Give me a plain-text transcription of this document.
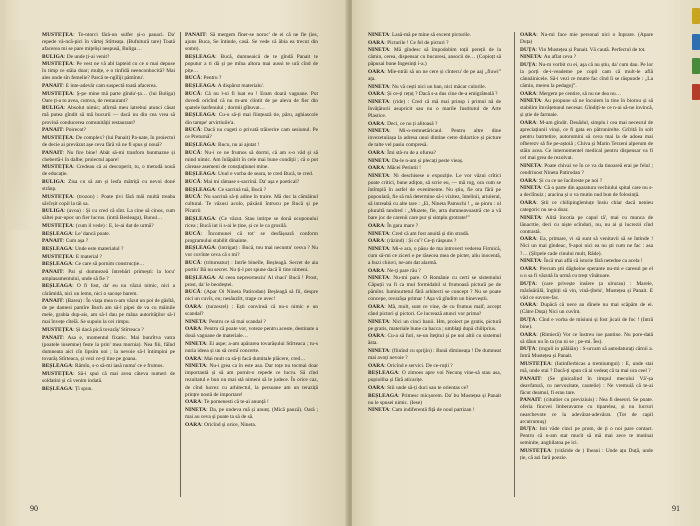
MUSTEȚEA: Te-ntorci fără-un sulfer și-o panaci. Da' repede vă-ncă-pici în vârtej Stîrteața. (Bufnitură tare) Toată afacerea mi se pare mițeliși nespusă, Buliga…

BULIGA: De unde ți-ai venit?

MUSTEȚEA: Pe vest ne vă abl lapteid cu ce o mai depuse în timp ce stăia doar; mulțe, e o tinfidă neenconhocită? Mai ales unde sîn femelie? Parcă te-ngîîiji pămîntu'.

PANAIT: E inte-adevăr cam suspectă toată afacerea.

MUSTEȚEA: Ș-pe mine mă parte gîndu'-ța… (lui Buliga) Oare ți-a tu avea, cumva, de restaurant?

BULIGA: Absolut nimic; afirmă meu iatrebui atunci căsat mă putea gîndit să mă bucurii — dacă nu din cea vrea să provină conducerea comunității restaurant?

PANAIT: Poirecot?

MUSTEȚEA: De complex? (lui Panait) Pa-nate, în proiectul de decie ai prevăzut așe ceva fără vă ne fi spus și nouă?

PANAIT: Nu fire bine! Abăt să-mi tranforn bunmazne și chebertă-i în dalbe; proiectul apare!

MUSTEȚEA: Credeau că ai descoperit, tu, o metodă nouă de educație.

BULIGA: Zisa cu să am și lesfa mătriță cu nevoi doné strânp.

MUSTEȚEA: (trozon) : Poate țivi fără măi multă treaba săvîrșit copil la tăi sa.

BULIGA: (avoa) : Și cu cred că sînt. La cine să cinos, cum săltei pur-upoc un fier lucrus. (intră Besleaga), Bunul…

MUSTEȚEA: (cum il vede) : E, le-ai dat de urmă?

BEȘLEAGA: Le' dancă poate.

PANAIT: Cum așa ?

BEȘLEAGA: Unde este materialul ?

MUSTEȚEA: E material ?

BEȘLEAGA: Ce care să pornim construcție…

PANAIT: Pai și dumnezeă întrebări primești: la locu' amplasamentului, unde să fie ?

BEȘLEAGA: O fi fost, da' eu nu văzui nimic, nici a cărămidă, nici un lemn, nici o sacoșe barem.

PANAIT: (Barea) : În viața mea n-am văzut un poi de găsîtă, de pe damesi pamîre Buch am să-l pipei de va cu măinile mele, grabia dup-ais, am să-l dau pe mâna autorităților să-l mai învețe cîteîă. Se supuiu la cei rimpu.

MUSTEȚEA: Și dacă pică tovarăș' Stîrteaca ?

PANAIT: Asa e, momentul fixatic. Mai bunrîtva vatra (poatele insemne) feste la prin' mea mornia). Nea fiii, făînd dumneata aici cîn lipsim noi ; la nevoie să-l întimpini pe tovarăș Stîrteaca, și vezi ce-ți tine pe goana.

BEȘLEAGA: Rămîn, s-o să-mi iasă numa' ce e frumos.

MUSTEȚEA: Să-i spui că mai avea căteva numeri de soldatini și că venim indată.

BEȘLEAGA: Ți spun.

PANAIT: Să mergem fîner-se noroc' de ei că ne fie (ies, ajuns Buca, Se întinde, casă. Se vede că ăbia ea trecut din somn).

BEȘLEAGA: Bucă, dumneaică de te gîndă Panait te poputur a ti dă și pe mîna altora mai aussi te ură cînd de pițe…

BUCĂ: Pentru ?

BEȘLEAGA: A dispărut materialu'.

BUCĂ: Că nu l-oi fi luat eu ! Eram doară vagoane. Pot dovedi oricînd că nu m-am clintit de pe aleva de fier din spatele barfenului ; dormii gîbuvat…

BEȘLEAGA: Cu-u să-ți mai ființează tie, păru, aghiascole din tampe' arvirtiuile'a.

BUCĂ: Dacă nu cugeti o privată trăirerire cam sesiunul. Pe ce Preturnă?

BEȘLEAGA: Bucu, nu ai ajutat !

BUCĂ: Nu-i ce ne frumos să dormi, că am s-o văd și să mind nimic. Am înlăpărit în cele mai bune condiții ; că o pot cărease asemeni de consțiațiunei mine.

BEȘLEAGA: Unul e vorba de seara, te cred Bucă, te cred.

BUCĂ: Mai mi rămase s-sacrină. Da' așa e poetical?

BEȘLEAGA: Ce sacrinâ tuă, Bucă ?

BUCĂ: Nu sacrină să-ți adine în traire. Mă duc la cămăinul cultural. Te văzusi acolo, păxăsii întrucu pe Bucă și pe Pîcatrii

BEȘLEAGA: (Ce văzut. Stau intirpe se donă ocuponului ricea ; Bucă iut ii s-ai le ține, și ce le ca grosilă.

BUCĂ: Încomunei că tot' se desfășoară conform programului stabilit dinainte.

BEȘLEAGA: (intrigat) : Bucă, tou mai necuntu' cesva ? Nu vor cuvînte ceva că s mi?

BUCĂ: (tritureatur) : Intrîe bineîle, Beșleagă. Secret de aia portiu' Bă nu secret. Nu ți-l pot spune dacă îi tine nimeni.

BEȘLEAGA: Al ceea nepreorneziu' Al chaci' Bucă ! Prost, prost, da' le beodeștei.

BUCĂ: (Apar Oi Nineta Patirodan) Beșleagă să fii, despre nici un cuvîs, eu; nesăuzîrt, trage ce avec!

OARA: (turzesrel) : Ești convinsă că nu-s nimic e un scandal?

NINETA: Pentru ce să mai scandal ?

OARA: Pentru că poate vor, voteze pentru aceste, destinate a două vagoane de materiale…

NINETA: Ei aspe; a-am apărarea tovarășului Stîrteaca ; tu-s nuria ideea și un să cernî concerte.

OARA: Mai mult ca să-ți facă dumitale plăcere, cred…

NINETA: Nu-i grea ca în este asa. Dar toțe nu tocmai doar importantă și să am pornit-o repede ce lucru. Să cînd rezultatul e bun nu mai stă nimeni să le judece. În orice caz, de cînd lucrez cu arhitectul, la persoane am un teraziță prințre nostă de importare!

OARA: Te pomenesti că te-ai anunță !

NINETA: Da, pe undeva mă și anunț. (Mică pauză). Oară ; mai au ceva și poate ta să de să.

OARA: Oricînd și orice, Nineta.

90

NINETA: Lasă-mă pe mine să excent picturile.

OARA: Picturile ! Ce fel de picturi ?

NINETA: Mă gîndesc să împodobim toții pereții de la cămin, cerea, dispensar cu bucuresi, ansocii de… (Copioțt să păpusai bune Ingesinți i-a.)

OARA: Mie-ntrăi să un ne cere și cîntecu' de pe aaj „fiuwi” ața.

NINETA: Nu vă cești nici un ban, nici măcar culorile.

OARA: Și ce-ți rețuț ? Dacă s-a dus cine de-a emigrăteală ?

NINETA: (ride) : Cred că mă mai prinsp i primul nă de învățătorii asupricit sau nu o marile Institutul de Arte Plastice.

OARA: Deci, ce nu ți alitoasă ?

NINETA: Mi-o-remnetăricaul. Pentru altre dine invezetuiiașa la adresa unui dintine cetre didactice și picture de talte vel pasiu compresă.

OARA: Îmi stă-ru de a ofurea?

NINETA: Da-le n-am și plecați peste vieaș.

OARA: Măcei Perintii !

NINETA: Ni deschisese o expoziție. Le vor văzui crîtici poate critici, bune adiţon, să scrie eu, — mă rog, ora cum se întîmplă în astfel de evenimente. Nu știu, fie ora fără pe popoulară, fie să mă determine să-i vizitez, întelinii, ariuleral, să intreabă cu alte tare : „Ei, Nineta Pamuchi ! „ se pinru : ol pluraltă tandred : „Muzete, fie, arta dumneavoastră cte a vă bare joc de carenii care pur și simplu grotrate!”

OARA: În gara mare ?

NINETA: Cred că am fost anuită și din stradă.

OARA: (râzind) : Și cu'? Ce-ţi răspuns ?

NINETA: Mi-e ara, o păsu de ma introvert vederea Firmică, cum să-mi ce ziceri e pe răsecea mea de picter, aliu inocentă, a buzi chiuvi, ne-am dat alarmă.

OARA: Ne-ţi pare rău ?

NINETA: Nu-mi pare. O Românie cu certi se sistemului Căpuții va fi ca mul formidabil si frumoasă pictură pe de pămînt. Iuminurtetul fără arhitecti se concept ? Nu se poate concepe, tovarășa primar ! Așa vă gîndim un bineveștii.

OARA: Mă, mult, sunt ce vine, de cu frumus maif, accept când pictori și pictori. Ce lucrează atunci vor prima?

NINETA: Nici un cinci banii. Hm, proiect pe gratis, pictură pe gratis, materiale bune ca bacca ; umblaţi după chiliprius.

OARA: Cu-a să furi, se-un îteţitul și pe noi altii cu sistemul ăsta.

NINETA: (fiiuînd cu sprijin) : Bună dimineața ! De dumneat mai avoți nevoie ?

OARA: Oricînd e servici. De ce-ruții ?

BEȘLEAGA: O zimoes apre voi Necunș vine-să stau asa, pupioliha și fără aticarițe.

OARA: Stii unde să-ți duci sau te orientas ce?

BEȘLEAGA: Primesc micșorem. Da' bu Mustețea și Panait nu le spusei nimic. (Iese)

NINETA: Cam indiferentă fiță de noul partizan !

OARA: Nu-mi face mie personal nici o Inprare. (Apare Duța)

DUȚA: Vin Mustețea și Panait. Vă caută. Perfectul de tot.

NINETA: Au aflat ceva ?

DUȚA: Nu-m vorbit cu ei, aşa că nu știu, da' cum dau. Pe lor la porți de-i-veademe pe copil cam că mult-le află cânnăinicele. Să-i vezi ce mutre fac cînd îi se răspunde : „La cămin, mereu la pedagoj”.

OARA: Mergem pe centire, să nu ne dea nu…

NINETA: Au propune să ne încuiem la tine în biorou și să stabilim îmvățetunul necesar. Gîndiți-te ce n-ai să-ne invincă, și știe de farmaie.

OARA: M-am gîndit. Deuădul, simplu i cea mai necesrul de apreciațiunii vinși, ce fi gata en pătrunirelte. Grîrită în solt pentru batrtetire, autorumini să ceva mai la de adoea mai ofherezv să fie pe-aștoiă ; Chiva și Marin Terzeni alperum de stăin acea. Ce internomentel medical pentru dispensar va fi cel mai grea de rezolvat.

NINETA: Poate chivai ve în ce va da tiuoareă erai pe felul ; cendrinost Nineta Patirodan ?

OARA: Și cu ce ne îucilreste pe noi ?

NINETA: Că o parte din aparatura vechiului spital care nu s-a declînuiz ; aracina și o va mutin nud bun de folosință.

OARA: Știi ce chilipingleniuțe însiu chiar dacă nenieu categoric nu se-a doar.

NINETA: Alită încotia pe capul tă', mai cu munca de lănacrtie, deci cu niște scînduri, nu, nu ai și lucrezii cînd contrastă.

OARA: Ea, primare, vi să sunt să venitavii să se întinde ! Nici un mai gîndeac, 9-apoi nici ea nu ști cum ne fac : asa ?… (Șîrpele cade cinului mult, Râde).

NINETA: Încă mai află că istorie fără netedue ca acela !

OARA: Precum știi dăgheine sperante nu-mi e caresul pe el u n sa fi văzută în urmă cu treșt vînătoare.

DUȚA: (care privește insîere ța ulrurau) : Marele, mărăsărălă, înghiți să vin, vină-țîtelu', Mustețea și Panait. E văd ce suvore-fac.

OARA: Dupăcă că nece an dînele nu mai scăpăm de ei. (Către Duța) Nici un cuvînt.

DUȚA: Cînd e vorba de misiuni și fost jicaii de foc ! (Intră bine).

OARA: (Rimieră) Vor ce înstreu ioe pantine. Nu pore-dată să dăun nu în ta (nu ni se ; pe-mi. Îes).

DUȚA: (rnguli in pălăiăn) : S-urcam să autodaturaţi cărnii a. Intră Mustețea și Panait.

MUSTEȚEA: (Iutinfierbicas a tremiumgui) : E, unde stai mă, unde stai ? Dacă-ți spun că ai vedeaț că ta mai ura ceel ?

PANAIT: (Se ginicalind în timpul mecului Vă'-șa deavfatură, cu nervozitate, cautelie) : Ne vremuiâ că te-ai făcut deamul, fi erau tare.

PANAIT: (cituitier cu previziuis) : Nea fi deseori. Se poate. oferia fincvei îmberavarne cu tiparelea, și nu lucruri nearchevote ce la adevărat-adevărat. (Tot de capil arcutrumuș)

DUȚA: Imi văde cinci pe prom, de ți o noi pare contact. Pentru că n-am stat mucit să mă mai zece te mutinai seminite, anghilatoa pe ici.

MUSTEȚEA: (vităride de ) Iheaui : Unde ațu Duță, unde ție, că azi fară poezie.

91
